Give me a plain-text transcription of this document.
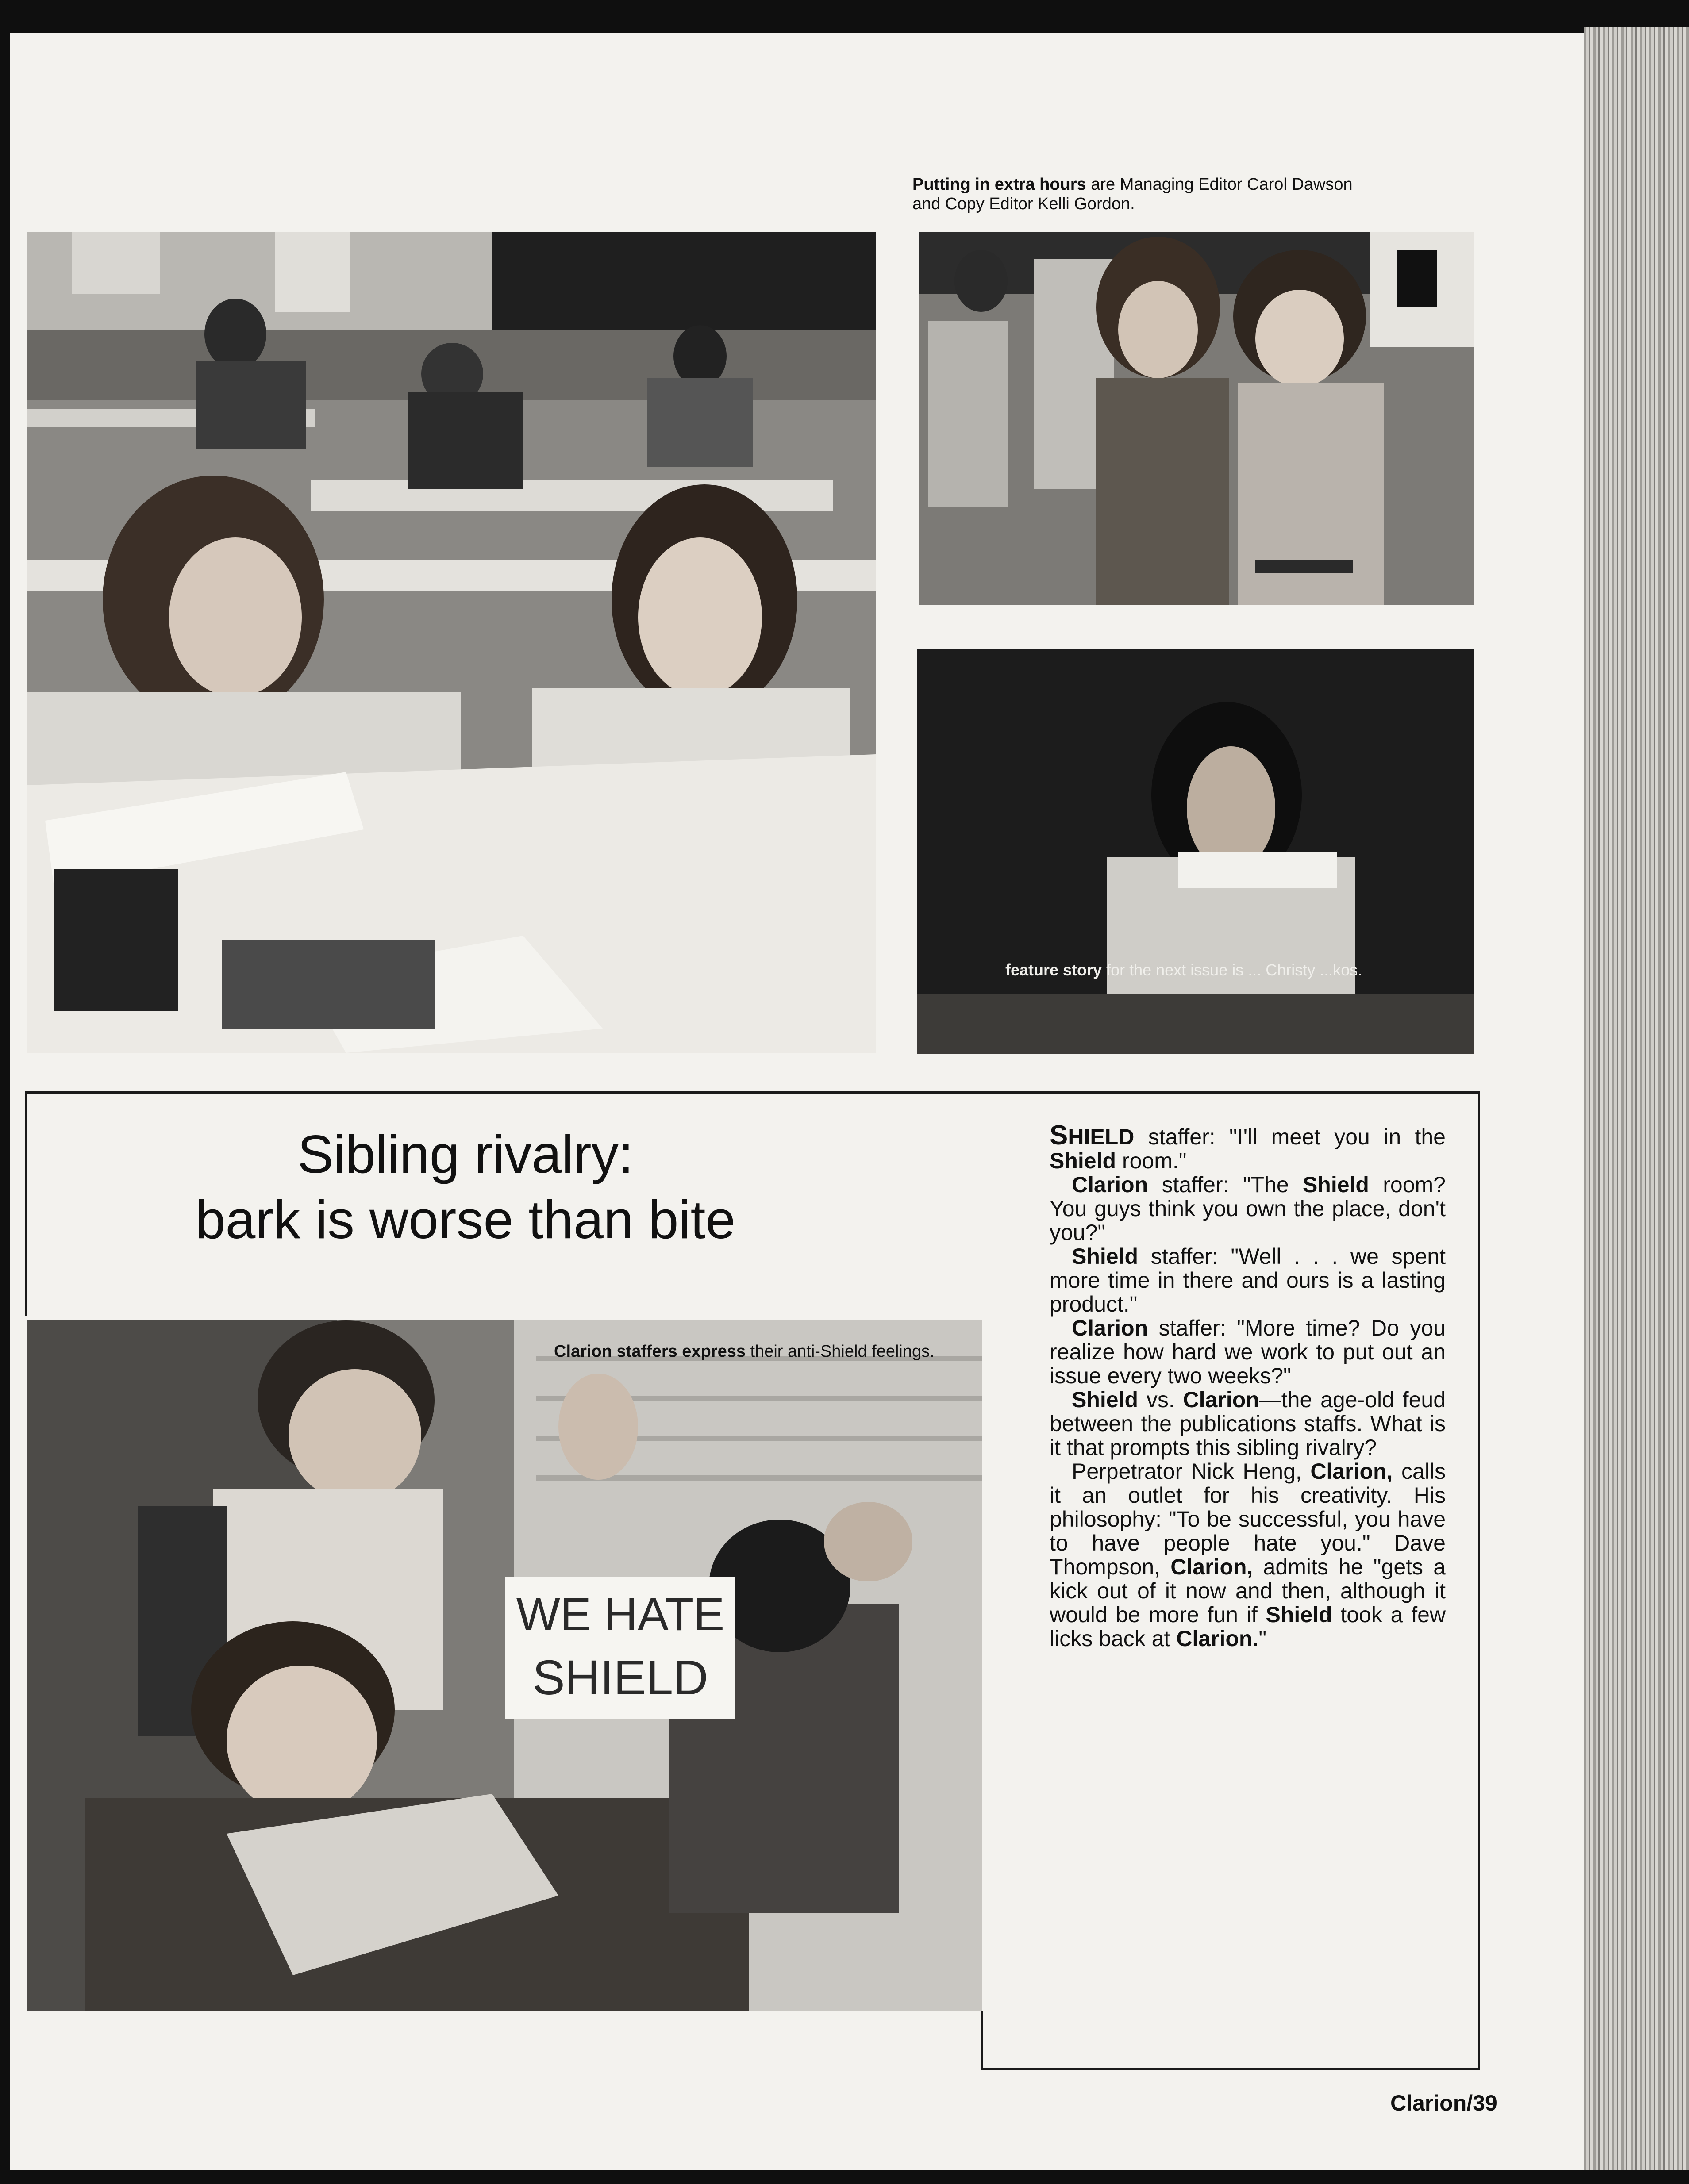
Putting in extra hours are Managing Editor Carol Dawson and Copy Editor Kelli Gordon.
feature story for the next issue is ... Christy ...kos.
Sibling rivalry:
bark is worse than bite
WE HATE
SHIELD
Clarion staffers express their anti-Shield feelings.

SHIELD staffer: "I'll meet you in the Shield room."

Clarion staffer: "The Shield room? You guys think you own the place, don't you?"

Shield staffer: "Well . . . we spent more time in there and ours is a lasting product."

Clarion staffer: "More time? Do you realize how hard we work to put out an issue every two weeks?"

Shield vs. Clarion—the age-old feud between the publications staffs. What is it that prompts this sibling rivalry?

Perpetrator Nick Heng, Clarion, calls it an outlet for his creativity. His philosophy: "To be successful, you have to have people hate you." Dave Thompson, Clarion, admits he "gets a kick out of it now and then, although it would be more fun if Shield took a few licks back at Clarion."

Clarion/39
